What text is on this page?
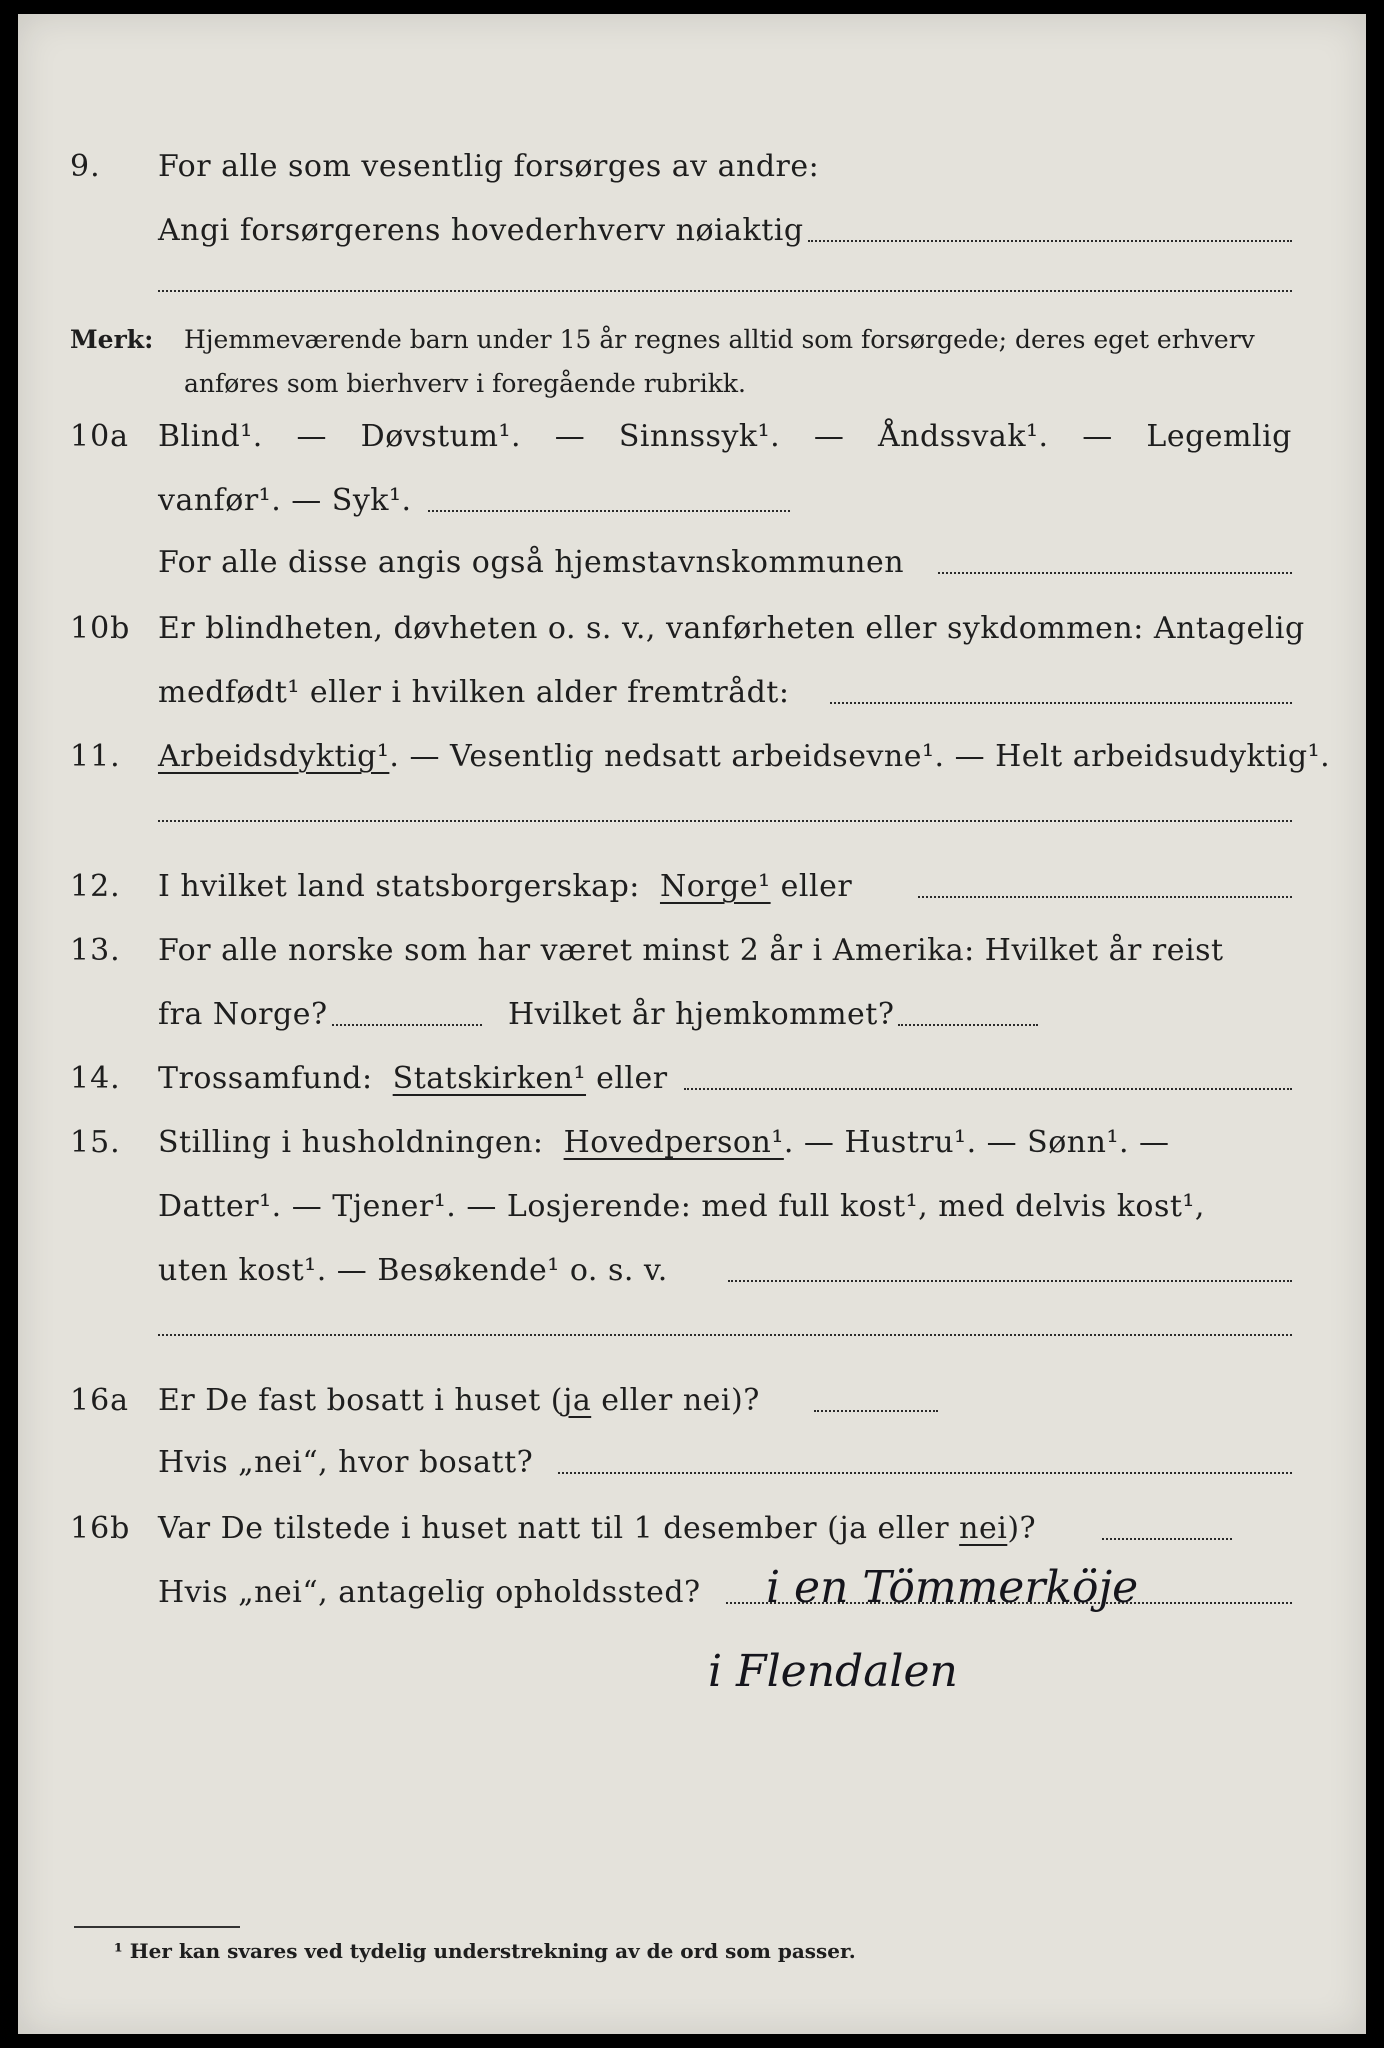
9. For alle som vesentlig forsørges av andre:
Angi forsørgerens hovederhverv nøiaktig
Merk: Hjemmeværende barn under 15 år regnes alltid som forsørgede; deres eget erhverv
anføres som bierhverv i foregående rubrikk.
10a Blind¹. — Døvstum¹. — Sinnssyk¹. — Åndssvak¹. — Legemlig
vanfør¹. — Syk¹.
For alle disse angis også hjemstavnskommunen
10b Er blindheten, døvheten o. s. v., vanførheten eller sykdommen: Antagelig
medfødt¹ eller i hvilken alder fremtrådt:
11. Arbeidsdyktig¹. — Vesentlig nedsatt arbeidsevne¹. — Helt arbeidsudyktig¹.
12. I hvilket land statsborgerskap: Norge¹ eller
13. For alle norske som har været minst 2 år i Amerika: Hvilket år reist
fra Norge?	Hvilket år hjemkommet?
14. Trossamfund: Statskirken¹ eller
15. Stilling i husholdningen: Hovedperson¹. — Hustru¹. — Sønn¹. —
Datter¹. — Tjener¹. — Losjerende: med full kost¹, med delvis kost¹,
uten kost¹. — Besøkende¹ o. s. v.
16a Er De fast bosatt i huset (ja eller nei)?
Hvis „nei“, hvor bosatt?
16b Var De tilstede i huset natt til 1 desember (ja eller nei)?
Hvis „nei“, antagelig opholdssted? i en Tömmerköje
i Flendalen
¹ Her kan svares ved tydelig understrekning av de ord som passer.
